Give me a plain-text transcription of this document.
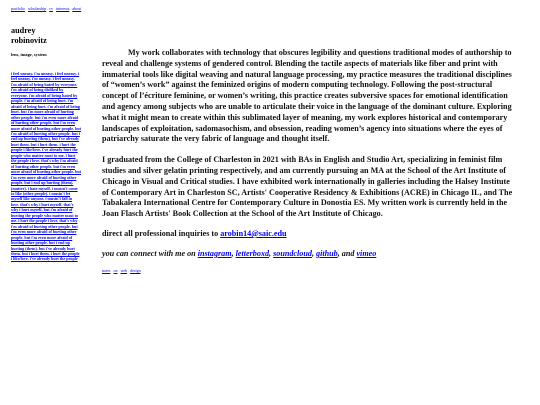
portfolio scholarship cv interests about
audrey
robinovitz
lens, image, system
i feel uneasy. i'm uneasy. i feel uneasy. i feel uneasy. i'm uneasy. i feel uneasy. i'm afraid of being hated by everyone. i'm afraid of being disliked by everyone. i'm afraid of being hated by people. i'm afraid of being hurt. i'm afraid of being hurt. i'm afraid of being hurt. but i'm more afraid of hurting other people. but i'm even more afraid of hurting other people. but i'm even more afraid of hurting other people. but i'm afraid of hurting other people. but i end up hurting (them), but i've already hurt them. but i hurt them. i hurt the people i like/love. i've already hurt the people who matter most to me. i hurt the people i love. that's why i'm afraid of hurting other people. but i'm even more afraid of hurting other people. but i'm even more afraid of hurting other people. but i end up hurting (them). (mutter). i hate myself. i mustn't come to like (other people). i mustn't let myself like anyone. i mustn't fall in love. that's why i hurt myself. that's why i hurt myself. but i'm afraid of hurting the people who matter most to me. i hurt the people i love. that's why i'm afraid of hurting other people. but i'm even more afraid of hurting other people. but i'm even more afraid of hurting other people. but i end up hurting (them). but i've already hurt them. but i hurt them. i hurt the people i like/love. i've already hurt the people

My work collaborates with technology that obscures legibility and questions traditional modes of authorship to reveal and challenge systems of gendered control. Blending the tactile aspects of materials like fiber and print with immaterial tools like digital weaving and natural language processing, my practice measures the traditional disciplines of “women’s work” against the feminized origins of modern computing technology. Following the post-structural concept of l’écriture feminine, or women’s writing, this practice creates subversive spaces for emotional identification and agency among subjects who are unable to articulate their voice in the language of the dominant culture. Exploring what it might mean to create within this sublimated layer of meaning, my work explores historical and contemporary landscapes of exploitation, sadomasochism, and obsession, reading women’s agency into situations where the eyes of patriarchy saturate the very fabric of language and thought itself.

I graduated from the College of Charleston in 2021 with BAs in English and Studio Art, specializing in feminist film studies and silver gelatin printing respectively, and am currently pursuing an MA at the School of the Art Institute of Chicago in Visual and Critical studies. I have exhibited work internationally in galleries including the Halsey Institute of Contemporary Art in Charleston SC, Artists' Cooperative Residency & Exhibitions (ACRE) in Chicago IL, and The Tabakalera International Centre for Contemporary Culture in Donostia ES. My written work is currently held in the Joan Flasch Artists' Book Collection at the School of the Art Institute of Chicago.

direct all professional inquiries to arobin14@saic.edu

you can connect with me on instagram, letterboxd, soundcloud, github, and vimeo

notes on web design
